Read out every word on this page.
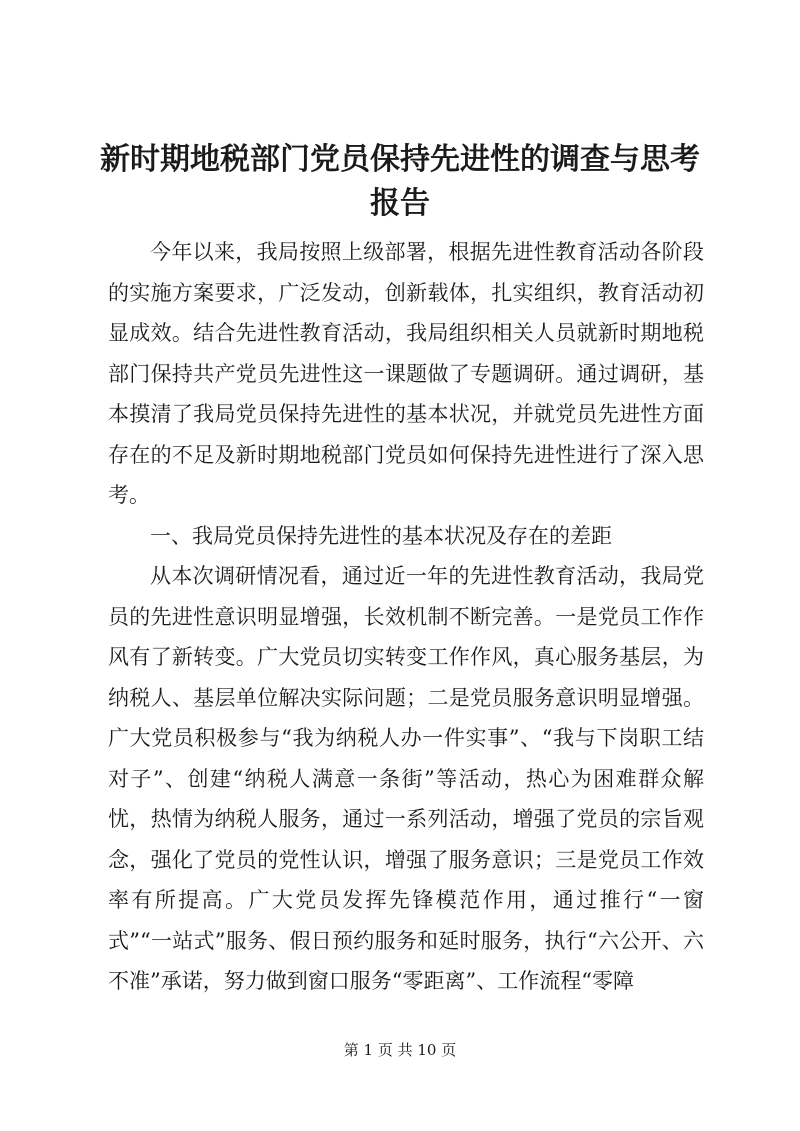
新时期地税部门党员保持先进性的调查与思考
报告

今年以来，我局按照上级部署，根据先进性教育活动各阶段的实施方案要求，广泛发动，创新载体，扎实组织，教育活动初显成效。结合先进性教育活动，我局组织相关人员就新时期地税部门保持共产党员先进性这一课题做了专题调研。通过调研，基本摸清了我局党员保持先进性的基本状况，并就党员先进性方面存在的不足及新时期地税部门党员如何保持先进性进行了深入思考。

一、我局党员保持先进性的基本状况及存在的差距

从本次调研情况看，通过近一年的先进性教育活动，我局党员的先进性意识明显增强，长效机制不断完善。一是党员工作作风有了新转变。广大党员切实转变工作作风，真心服务基层，为纳税人、基层单位解决实际问题；二是党员服务意识明显增强。广大党员积极参与“我为纳税人办一件实事”、“我与下岗职工结对子”、创建“纳税人满意一条街”等活动，热心为困难群众解忧，热情为纳税人服务，通过一系列活动，增强了党员的宗旨观念，强化了党员的党性认识，增强了服务意识；三是党员工作效率有所提高。广大党员发挥先锋模范作用，通过推行“一窗式”“一站式”服务、假日预约服务和延时服务，执行“六公开、六不准”承诺，努力做到窗口服务“零距离”、工作流程“零障

第 1 页 共 10 页
